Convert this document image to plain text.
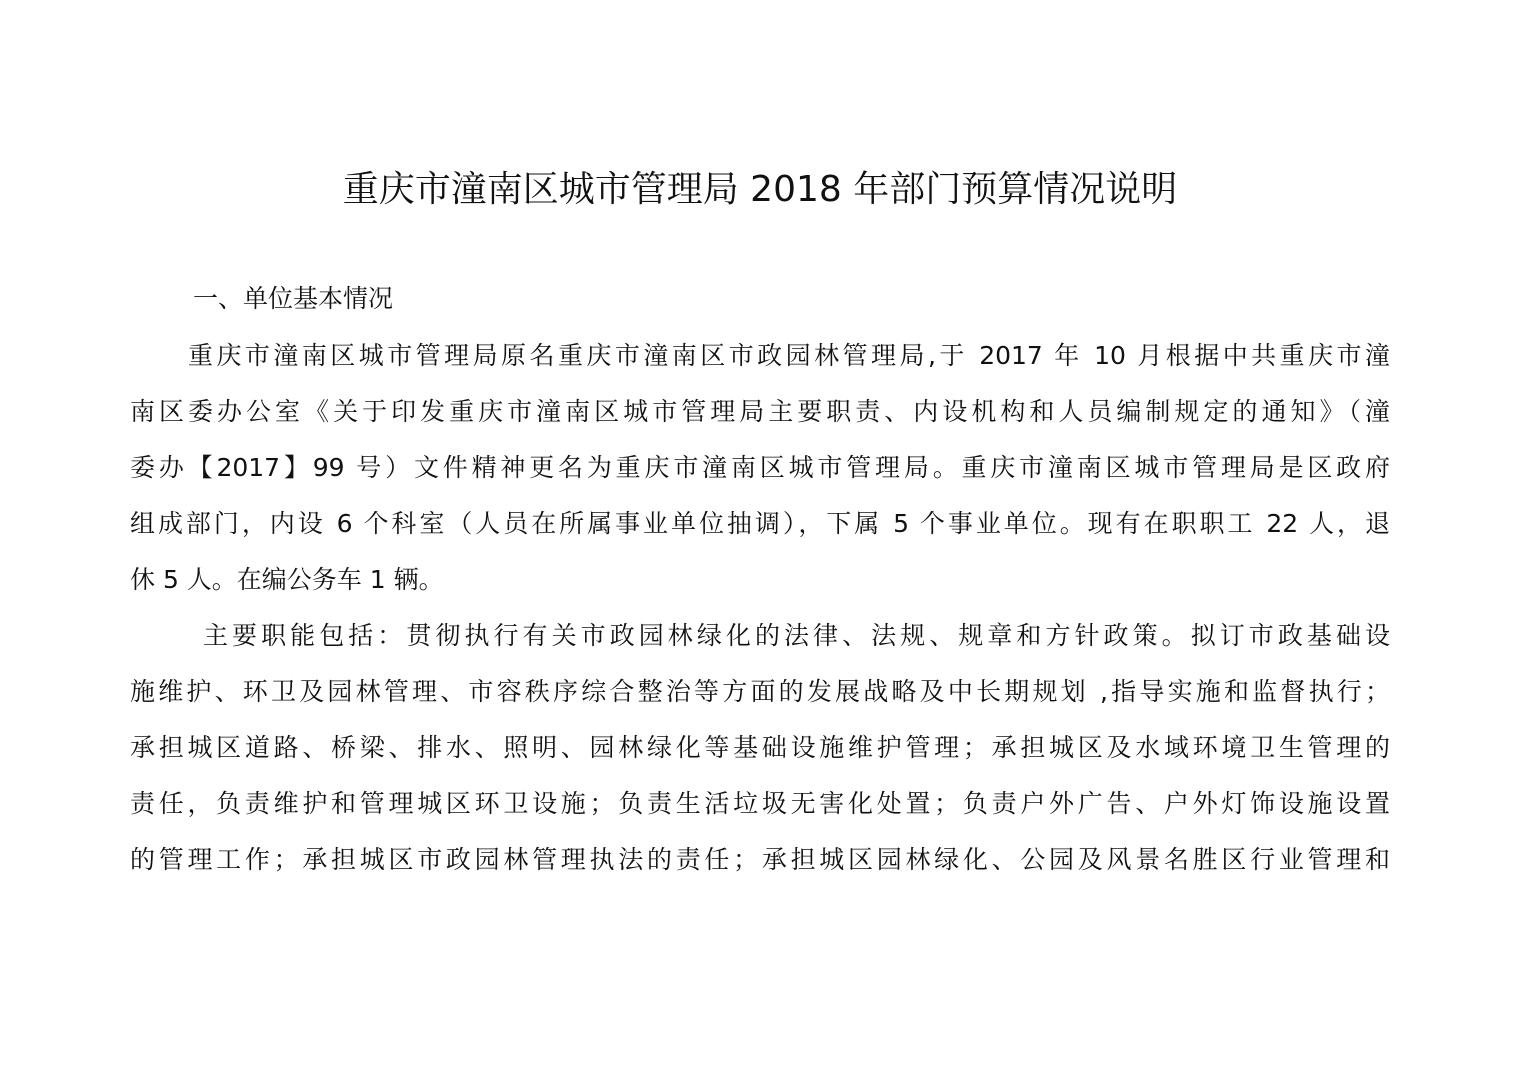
重庆市潼南区城市管理局 2018 年部门预算情况说明

一、单位基本情况

重庆市潼南区城市管理局原名重庆市潼南区市政园林管理局,于 2017 年 10 月根据中共重庆市潼

南区委办公室《关于印发重庆市潼南区城市管理局主要职责、内设机构和人员编制规定的通知》（潼

委办【2017】99 号）文件精神更名为重庆市潼南区城市管理局。重庆市潼南区城市管理局是区政府

组成部门，内设 6 个科室（人员在所属事业单位抽调），下属 5 个事业单位。现有在职职工 22 人，退

休 5 人。在编公务车 1 辆。

主要职能包括：贯彻执行有关市政园林绿化的法律、法规、规章和方针政策。拟订市政基础设

施维护、环卫及园林管理、市容秩序综合整治等方面的发展战略及中长期规划 ,指导实施和监督执行；

承担城区道路、桥梁、排水、照明、园林绿化等基础设施维护管理；承担城区及水域环境卫生管理的

责任，负责维护和管理城区环卫设施；负责生活垃圾无害化处置；负责户外广告、户外灯饰设施设置

的管理工作；承担城区市政园林管理执法的责任；承担城区园林绿化、公园及风景名胜区行业管理和
